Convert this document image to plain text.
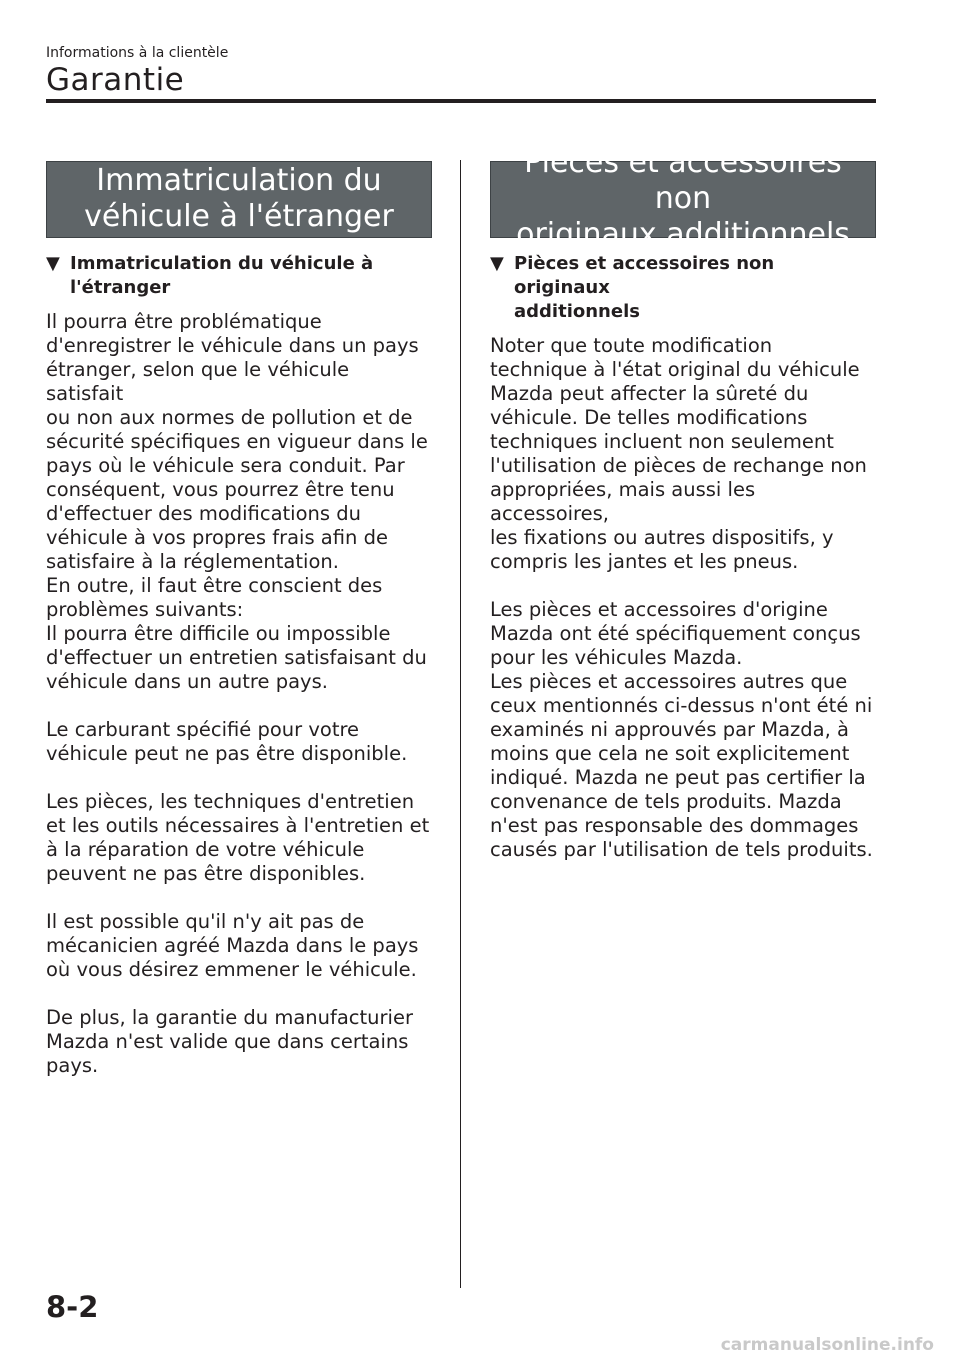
Informations à la clientèle
Garantie
Immatriculation du
véhicule à l'étranger
▼ Immatriculation du véhicule à
l'étranger

Il pourra être problématique
d'enregistrer le véhicule dans un pays
étranger, selon que le véhicule satisfait
ou non aux normes de pollution et de
sécurité spécifiques en vigueur dans le
pays où le véhicule sera conduit. Par
conséquent, vous pourrez être tenu
d'effectuer des modifications du
véhicule à vos propres frais afin de
satisfaire à la réglementation.
En outre, il faut être conscient des
problèmes suivants:
Il pourra être difficile ou impossible
d'effectuer un entretien satisfaisant du
véhicule dans un autre pays.

Le carburant spécifié pour votre
véhicule peut ne pas être disponible.

Les pièces, les techniques d'entretien
et les outils nécessaires à l'entretien et
à la réparation de votre véhicule
peuvent ne pas être disponibles.

Il est possible qu'il n'y ait pas de
mécanicien agréé Mazda dans le pays
où vous désirez emmener le véhicule.

De plus, la garantie du manufacturier
Mazda n'est valide que dans certains
pays.

Pièces et accessoires non
originaux additionnels
▼ Pièces et accessoires non originaux
additionnels

Noter que toute modification
technique à l'état original du véhicule
Mazda peut affecter la sûreté du
véhicule. De telles modifications
techniques incluent non seulement
l'utilisation de pièces de rechange non
appropriées, mais aussi les accessoires,
les fixations ou autres dispositifs, y
compris les jantes et les pneus.

Les pièces et accessoires d'origine
Mazda ont été spécifiquement conçus
pour les véhicules Mazda.
Les pièces et accessoires autres que
ceux mentionnés ci-dessus n'ont été ni
examinés ni approuvés par Mazda, à
moins que cela ne soit explicitement
indiqué. Mazda ne peut pas certifier la
convenance de tels produits. Mazda
n'est pas responsable des dommages
causés par l'utilisation de tels produits.

8-2
carmanualsonline.info
